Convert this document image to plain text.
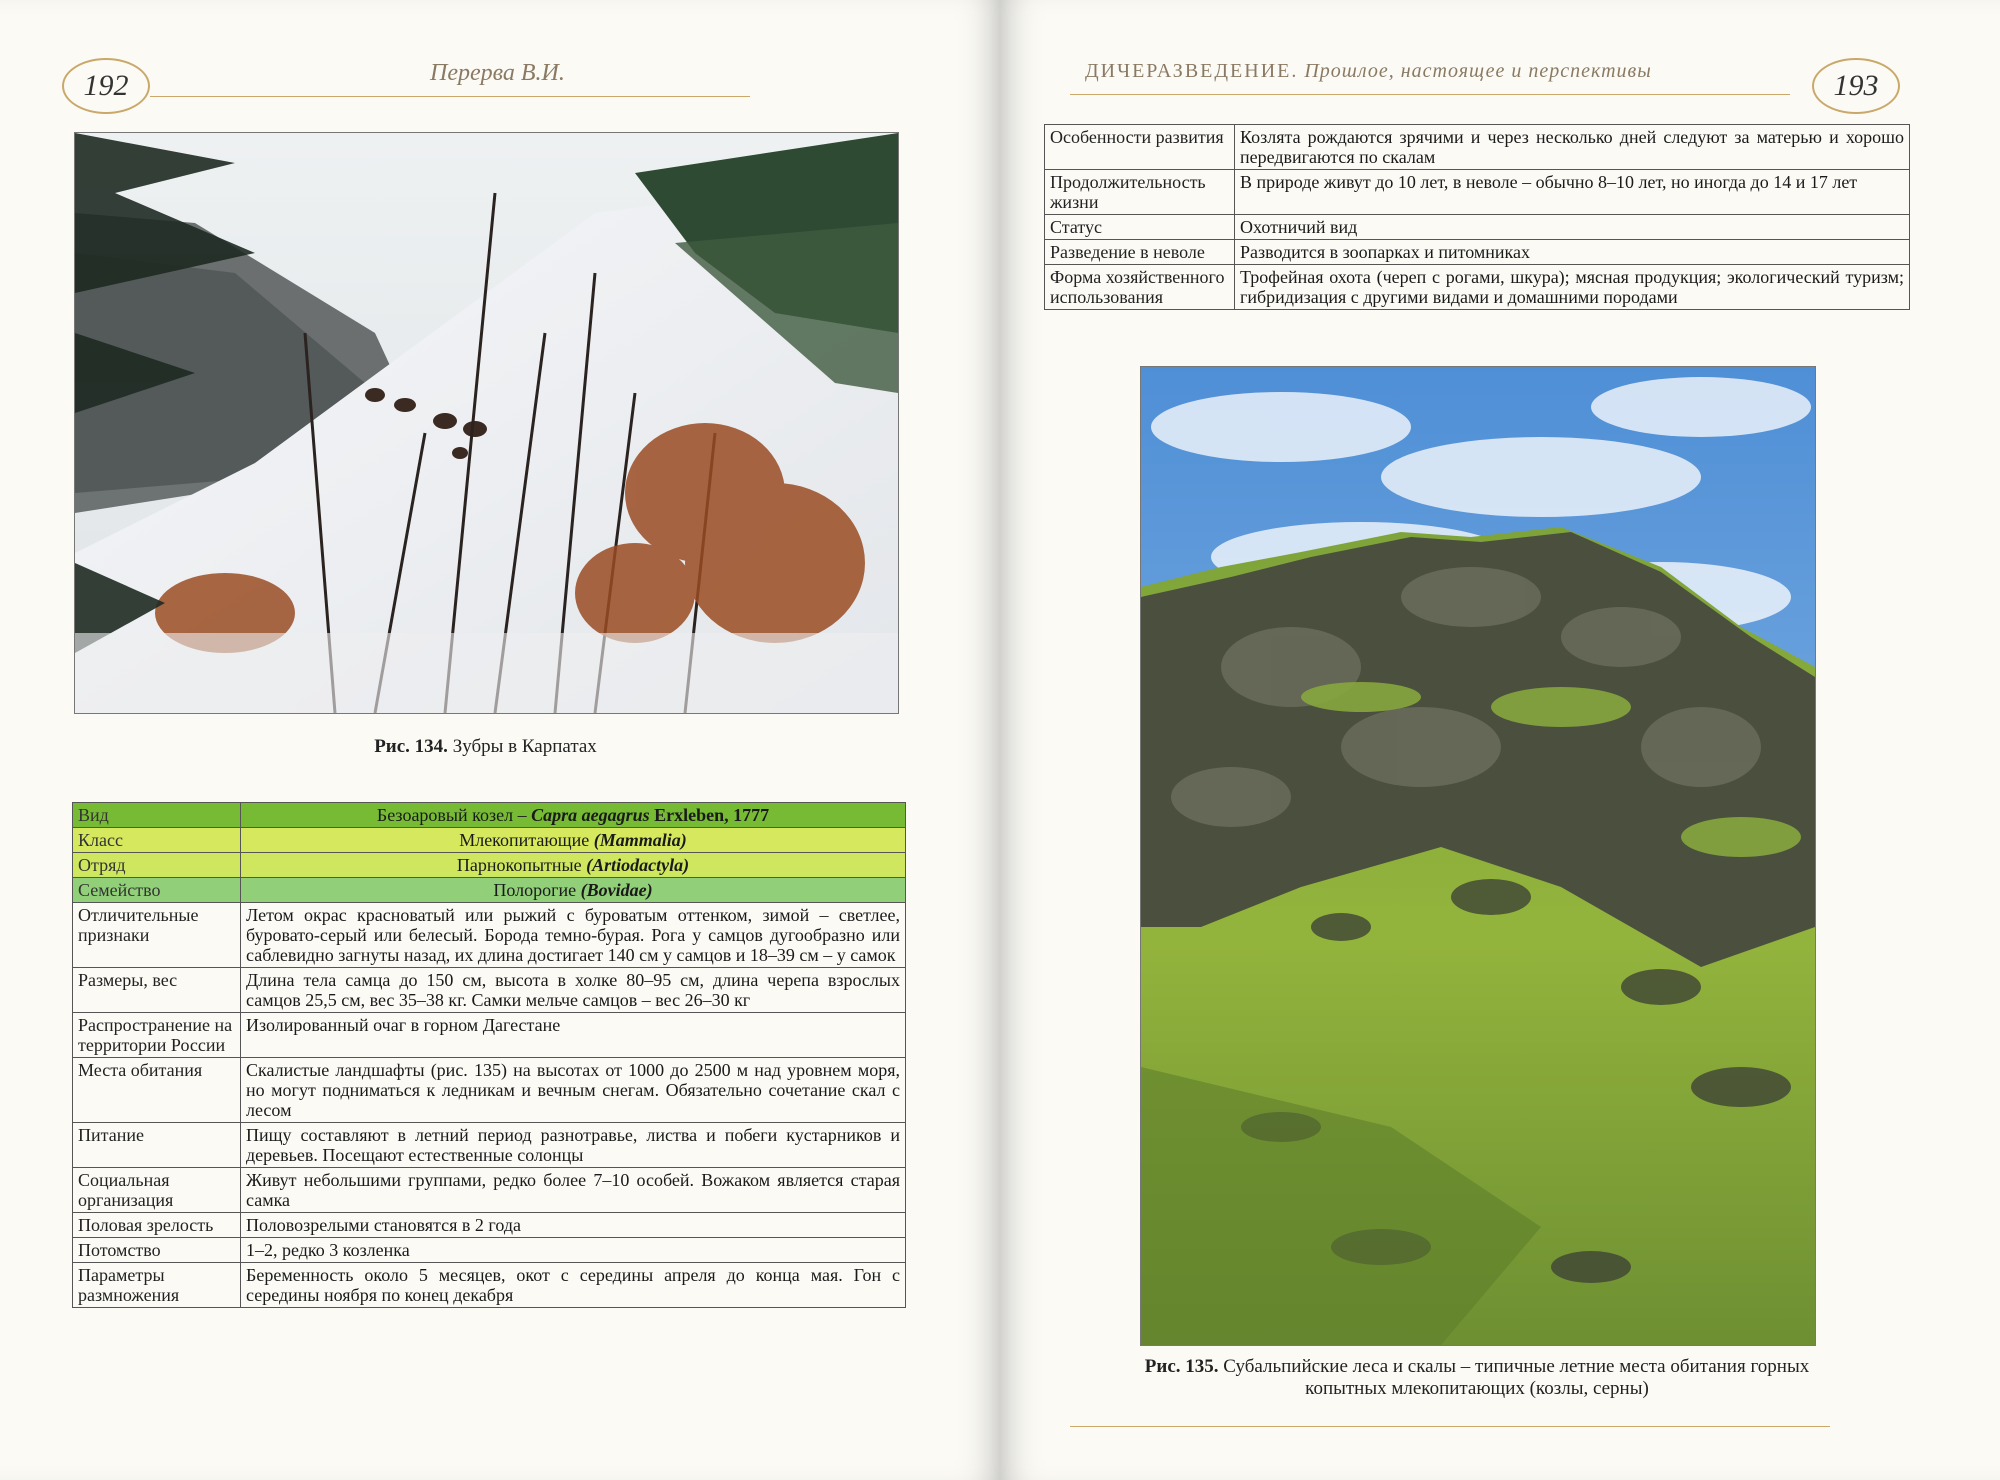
192	Перерва В.И.
Рис. 134. Зубры в Карпатах
Вид	Безоаровый козел – Capra aegagrus Erxleben, 1777
Класс	Млекопитающие (Mammalia)
Отряд	Парнокопытные (Artiodactyla)
Семейство	Полорогие (Bovidae)
Отличительные признаки	Летом окрас красноватый или рыжий с буроватым оттенком, зимой – светлее, буровато-серый или белесый. Борода темно-бурая. Рога у самцов дугообразно или саблевидно загнуты назад, их длина достигает 140 см у самцов и 18–39 см – у самок
Размеры, вес	Длина тела самца до 150 см, высота в холке 80–95 см, длина черепа взрослых самцов 25,5 см, вес 35–38 кг. Самки мельче самцов – вес 26–30 кг
Распространение на территории России	Изолированный очаг в горном Дагестане
Места обитания	Скалистые ландшафты (рис. 135) на высотах от 1000 до 2500 м над уровнем моря, но могут подниматься к ледникам и вечным снегам. Обязательно сочетание скал с лесом
Питание	Пищу составляют в летний период разнотравье, листва и побеги кустарников и деревьев. Посещают естественные солонцы
Социальная организация	Живут небольшими группами, редко более 7–10 особей. Вожаком является старая самка
Половая зрелость	Половозрелыми становятся в 2 года
Потомство	1–2, редко 3 козленка
Параметры размножения	Беременность около 5 месяцев, окот с середины апреля до конца мая. Гон с середины ноября по конец декабря
ДИЧЕРАЗВЕДЕНИЕ. Прошлое, настоящее и перспективы	193
Особенности развития	Козлята рождаются зрячими и через несколько дней следуют за матерью и хорошо передвигаются по скалам
Продолжительность жизни	В природе живут до 10 лет, в неволе – обычно 8–10 лет, но иногда до 14 и 17 лет
Статус	Охотничий вид
Разведение в неволе	Разводится в зоопарках и питомниках
Форма хозяйственного использования	Трофейная охота (череп с рогами, шкура); мясная продукция; экологический туризм; гибридизация с другими видами и домашними породами
Рис. 135. Субальпийские леса и скалы – типичные летние места обитания горных копытных млекопитающих (козлы, серны)
